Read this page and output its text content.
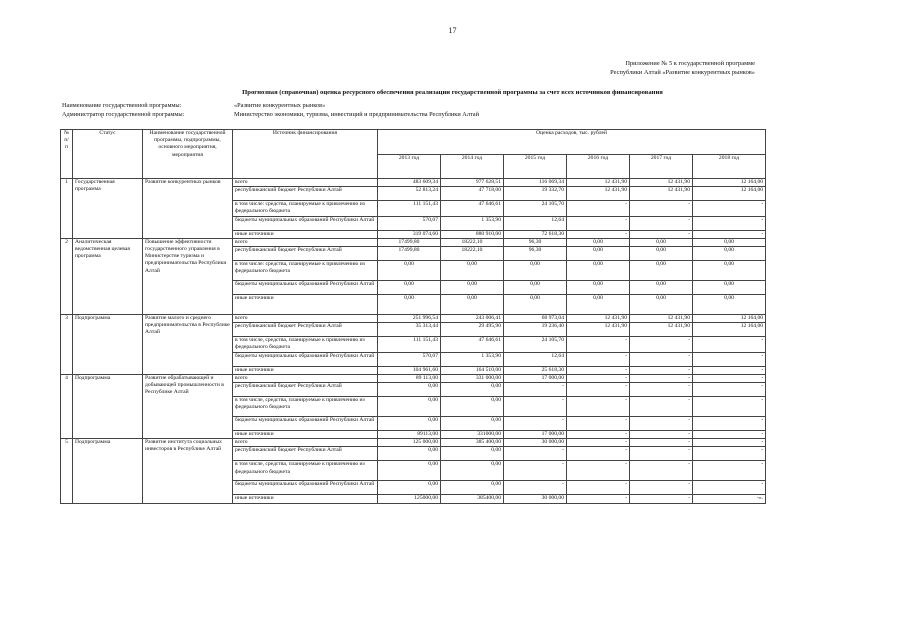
17
Приложение № 5 к государственной программе
Республики Алтай «Развитие конкурентных рынков»
Прогнозная (справочная) оценка ресурсного обеспечения реализации государственной программы за счет всех источников финансирования
Наименование государственной программы:	«Развитие конкурентных рынков»
Администратор государственной программы:	Министерство экономики, туризма, инвестиций и предпринимательства Республики Алтай
№ п/п	Статус	Наименование государственной программы, подпрограммы, основного мероприятия, мероприятия	Источник финансирования	Оценка расходов, тыс. рублей					
				2013 год	2014 год	2015 год	2016 год	2017 год	2018 год
1	Государственная программа	Развитие конкурентных рынков	всего	483 609,34	977 628,51	116 069,34	12 431,90	12 431,90	12 164,00
			республиканский бюджет Республики Алтай	52 813,24	47 718,00	19 332,70	12 431,90	12 431,90	12 164,00
			в том числе: средства, планируемые к привлечению из федерального бюджета	111 151,43	47 646,61	24 105,70	-	-	-
			бюджеты муниципальных образований Республики Алтай	570,07	1 353,90	12,64	-	-	-
			иные источники	319 074,60	880 910,00	72 618,30	-	-	-
2	Аналитическая ведомственная целевая программа	Повышение эффективности государственного управления в Министерстве туризма и предпринимательства Республики Алтай	всего	17499,80	18222,10	96,30	0,00	0,00	0,00
			республиканский бюджет Республики Алтай	17499,80	18222,10	96,30	0,00	0,00	0,00
			в том числе: средства, планируемые к привлечению из федерального бюджета	0,00	0,00	0,00	0,00	0,00	0,00
			бюджеты муниципальных образований Республики Алтай	0,00	0,00	0,00	0,00	0,00	0,00
			иные источники	0,00	0,00	0,00	0,00	0,00	0,00
3	Подпрограмма	Развитие малого и среднего предпринимательства в Республике Алтай	всего	251 996,54	243 006,41	68 973,04	12 431,90	12 431,90	12 164,00
			республиканский бюджет Республики Алтай	35 313,44	29 495,90	19 236,40	12 431,90	12 431,90	12 164,00
			в том числе, средства, планируемые к привлечению из федерального бюджета	111 151,43	47 646,61	24 105,70	-	-	-
			бюджеты муниципальных образований Республики Алтай	570,07	1 353,90	12,64	-	-	-
			иные источники	104 961,60	164 510,00	25 618,30	-	-	-
4	Подпрограмма	Развитие обрабатывающей и добывающей промышленности в Республике Алтай	всего	89 113,00	331 000,00	17 000,00	-	-	-
			республиканский бюджет Республики Алтай	0,00	0,00	-	-	-	-
			в том числе, средства, планируемые к привлечению из федерального бюджета	0,00	0,00	-	-	-	-
			бюджеты муниципальных образований Республики Алтай	0,00	0,00	-	-	-	-
			иные источники	89113,00	331000,00	17 000,00	-	-	-
5	Подпрограмма	Развитие института социальных инвесторов в Республике Алтай	всего	125 000,00	385 400,00	30 000,00	-	-	-
			республиканский бюджет Республики Алтай	0,00	0,00	-	-	-	-
			в том числе, средства, планируемые к привлечению из федерального бюджета	0,00	0,00	-	-	-	-
			бюджеты муниципальных образований Республики Алтай	0,00	0,00	-	-	-	-
			иные источники	125000,00	385400,00	30 000,00	-	-	-».
